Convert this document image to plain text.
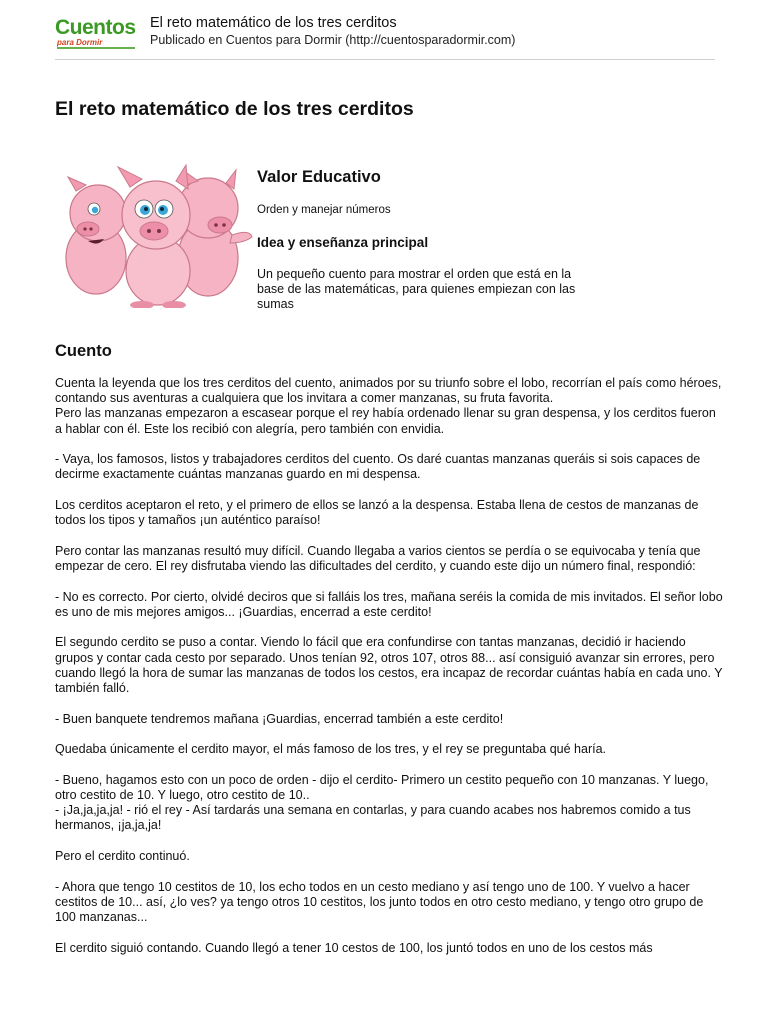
Cuentos
para Dormir
El reto matemático de los tres cerditos
Publicado en Cuentos para Dormir (http://cuentosparadormir.com)
El reto matemático de los tres cerditos
Valor Educativo

Orden y manejar números

Idea y enseñanza principal

Un pequeño cuento para mostrar el orden que está en la base de las matemáticas, para quienes empiezan con las sumas

Cuento

Cuenta la leyenda que los tres cerditos del cuento, animados por su triunfo sobre el lobo, recorrían el país como héroes, contando sus aventuras a cualquiera que los invitara a comer manzanas, su fruta favorita.
Pero las manzanas empezaron a escasear porque el rey había ordenado llenar su gran despensa, y los cerditos fueron a hablar con él. Este los recibió con alegría, pero también con envidia.

- Vaya, los famosos, listos y trabajadores cerditos del cuento. Os daré cuantas manzanas queráis si sois capaces de decirme exactamente cuántas manzanas guardo en mi despensa.

Los cerditos aceptaron el reto, y el primero de ellos se lanzó a la despensa. Estaba llena de cestos de manzanas de todos los tipos y tamaños ¡un auténtico paraíso!

Pero contar las manzanas resultó muy difícil. Cuando llegaba a varios cientos se perdía o se equivocaba y tenía que empezar de cero. El rey disfrutaba viendo las dificultades del cerdito, y cuando este dijo un número final, respondió:

- No es correcto. Por cierto, olvidé deciros que si falláis los tres, mañana seréis la comida de mis invitados. El señor lobo es uno de mis mejores amigos... ¡Guardias, encerrad a este cerdito!

El segundo cerdito se puso a contar. Viendo lo fácil que era confundirse con tantas manzanas, decidió ir haciendo grupos y contar cada cesto por separado. Unos tenían 92, otros 107, otros 88... así consiguió avanzar sin errores, pero cuando llegó la hora de sumar las manzanas de todos los cestos, era incapaz de recordar cuántas había en cada uno. Y también falló.

- Buen banquete tendremos mañana ¡Guardias, encerrad también a este cerdito!

Quedaba únicamente el cerdito mayor, el más famoso de los tres, y el rey se preguntaba qué haría.

- Bueno, hagamos esto con un poco de orden - dijo el cerdito- Primero un cestito pequeño con 10 manzanas. Y luego, otro cestito de 10. Y luego, otro cestito de 10..
- ¡Ja,ja,ja,ja! - rió el rey - Así tardarás una semana en contarlas, y para cuando acabes nos habremos comido a tus hermanos, ¡ja,ja,ja!

Pero el cerdito continuó.

- Ahora que tengo 10 cestitos de 10, los echo todos en un cesto mediano y así tengo uno de 100. Y vuelvo a hacer cestitos de 10... así, ¿lo ves? ya tengo otros 10 cestitos, los junto todos en otro cesto mediano, y tengo otro grupo de 100 manzanas...

El cerdito siguió contando. Cuando llegó a tener 10 cestos de 100, los juntó todos en uno de los cestos más
